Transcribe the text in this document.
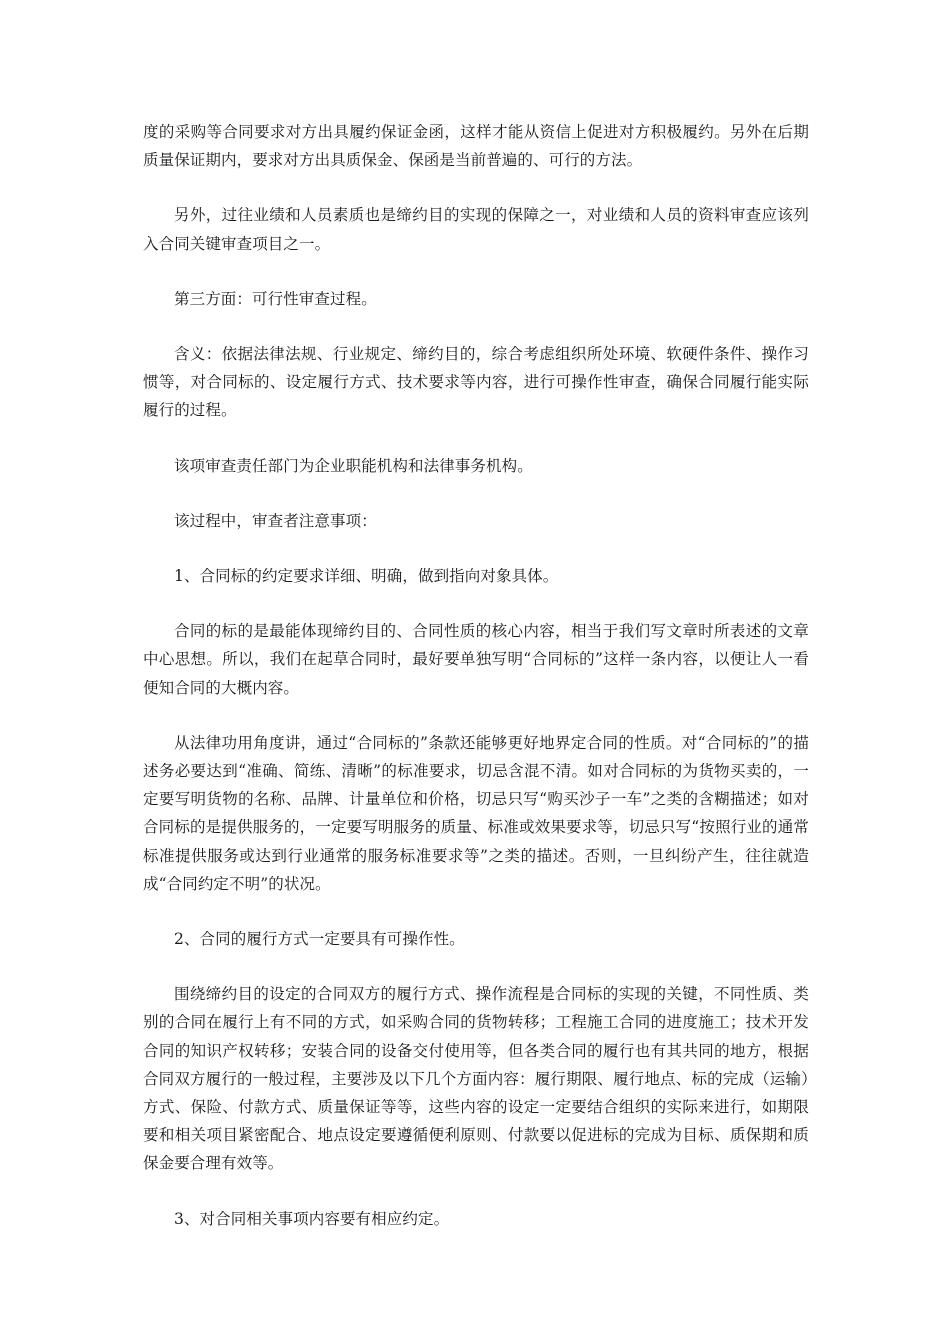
度的采购等合同要求对方出具履约保证金函，这样才能从资信上促进对方积极履约。另外在后期质量保证期内，要求对方出具质保金、保函是当前普遍的、可行的方法。

另外，过往业绩和人员素质也是缔约目的实现的保障之一，对业绩和人员的资料审查应该列入合同关键审查项目之一。

第三方面：可行性审查过程。

含义：依据法律法规、行业规定、缔约目的，综合考虑组织所处环境、软硬件条件、操作习惯等，对合同标的、设定履行方式、技术要求等内容，进行可操作性审查，确保合同履行能实际履行的过程。

该项审查责任部门为企业职能机构和法律事务机构。

该过程中，审查者注意事项：

1、合同标的约定要求详细、明确，做到指向对象具体。

合同的标的是最能体现缔约目的、合同性质的核心内容，相当于我们写文章时所表述的文章中心思想。所以，我们在起草合同时，最好要单独写明“合同标的”这样一条内容，以便让人一看便知合同的大概内容。

从法律功用角度讲，通过“合同标的”条款还能够更好地界定合同的性质。对“合同标的”的描述务必要达到“准确、简练、清晰”的标准要求，切忌含混不清。如对合同标的为货物买卖的，一定要写明货物的名称、品牌、计量单位和价格，切忌只写“购买沙子一车”之类的含糊描述；如对合同标的是提供服务的，一定要写明服务的质量、标准或效果要求等，切忌只写“按照行业的通常标准提供服务或达到行业通常的服务标准要求等”之类的描述。否则，一旦纠纷产生，往往就造成“合同约定不明”的状况。

2、合同的履行方式一定要具有可操作性。

围绕缔约目的设定的合同双方的履行方式、操作流程是合同标的实现的关键，不同性质、类别的合同在履行上有不同的方式，如采购合同的货物转移；工程施工合同的进度施工；技术开发合同的知识产权转移；安装合同的设备交付使用等，但各类合同的履行也有其共同的地方，根据合同双方履行的一般过程，主要涉及以下几个方面内容：履行期限、履行地点、标的完成（运输）方式、保险、付款方式、质量保证等等，这些内容的设定一定要结合组织的实际来进行，如期限要和相关项目紧密配合、地点设定要遵循便利原则、付款要以促进标的完成为目标、质保期和质保金要合理有效等。

3、对合同相关事项内容要有相应约定。
